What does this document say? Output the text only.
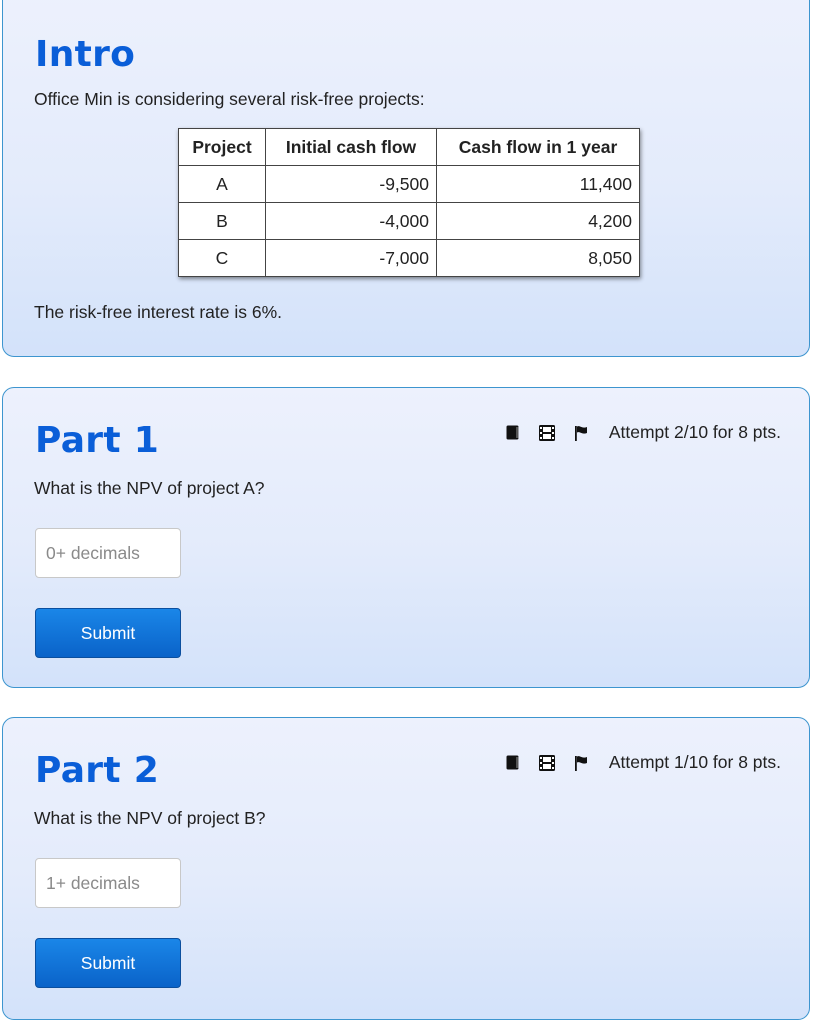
Intro
Office Min is considering several risk-free projects:
Project	Initial cash flow	Cash flow in 1 year
A	-9,500	11,400
B	-4,000	4,200
C	-7,000	8,050
The risk-free interest rate is 6%.
Part 1	Attempt 2/10 for 8 pts.
What is the NPV of project A?
0+ decimals
Submit
Part 2	Attempt 1/10 for 8 pts.
What is the NPV of project B?
1+ decimals
Submit
